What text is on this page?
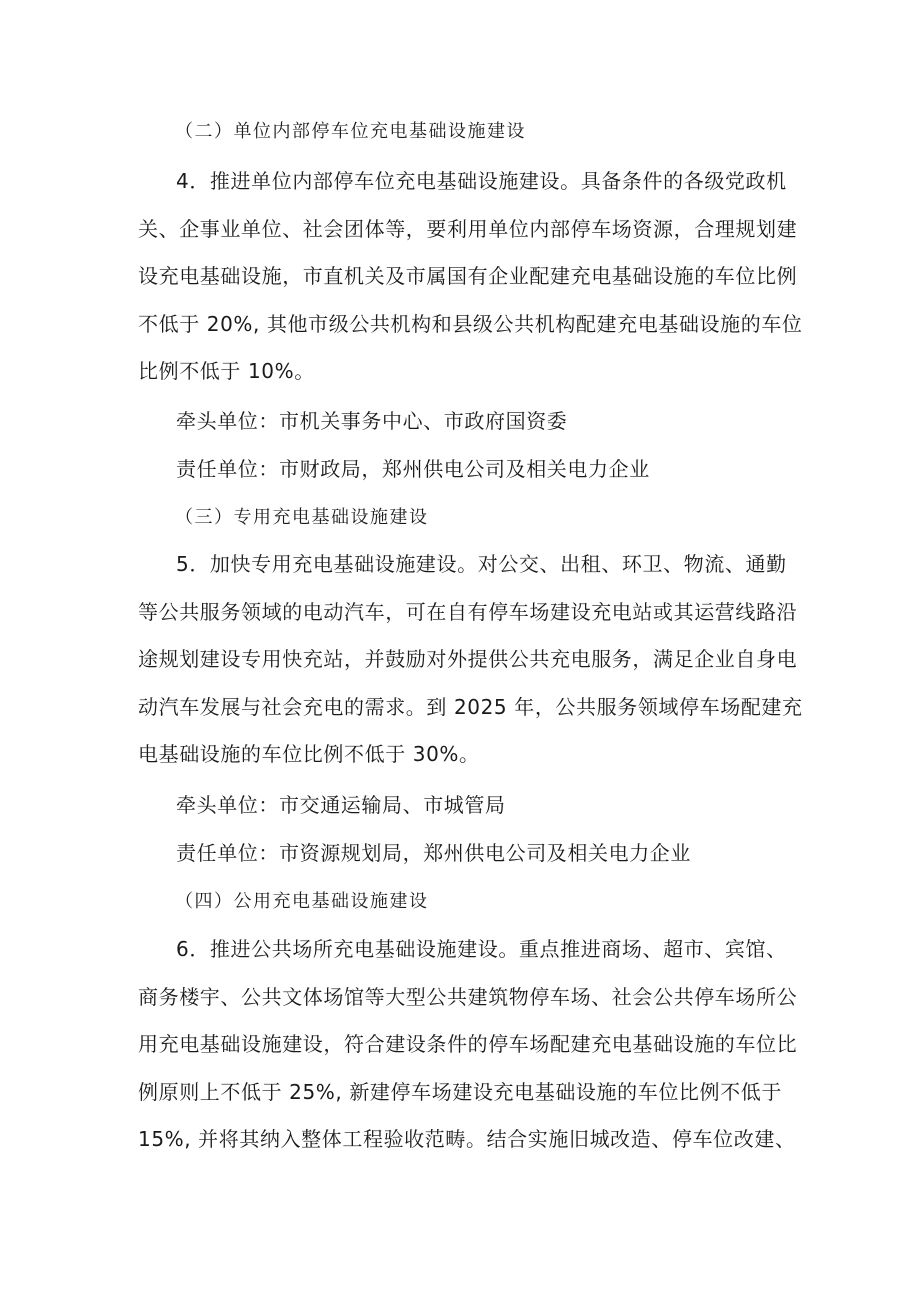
（二）单位内部停车位充电基础设施建设
4．推进单位内部停车位充电基础设施建设。具备条件的各级党政机
关、企事业单位、社会团体等，要利用单位内部停车场资源，合理规划建
设充电基础设施，市直机关及市属国有企业配建充电基础设施的车位比例
不低于 20%, 其他市级公共机构和县级公共机构配建充电基础设施的车位
比例不低于 10%。
牵头单位：市机关事务中心、市政府国资委
责任单位：市财政局，郑州供电公司及相关电力企业
（三）专用充电基础设施建设
5．加快专用充电基础设施建设。对公交、出租、环卫、物流、通勤
等公共服务领域的电动汽车，可在自有停车场建设充电站或其运营线路沿
途规划建设专用快充站，并鼓励对外提供公共充电服务，满足企业自身电
动汽车发展与社会充电的需求。到 2025 年，公共服务领域停车场配建充
电基础设施的车位比例不低于 30%。
牵头单位：市交通运输局、市城管局
责任单位：市资源规划局，郑州供电公司及相关电力企业
（四）公用充电基础设施建设
6．推进公共场所充电基础设施建设。重点推进商场、超市、宾馆、
商务楼宇、公共文体场馆等大型公共建筑物停车场、社会公共停车场所公
用充电基础设施建设，符合建设条件的停车场配建充电基础设施的车位比
例原则上不低于 25%, 新建停车场建设充电基础设施的车位比例不低于
15%, 并将其纳入整体工程验收范畴。结合实施旧城改造、停车位改建、
